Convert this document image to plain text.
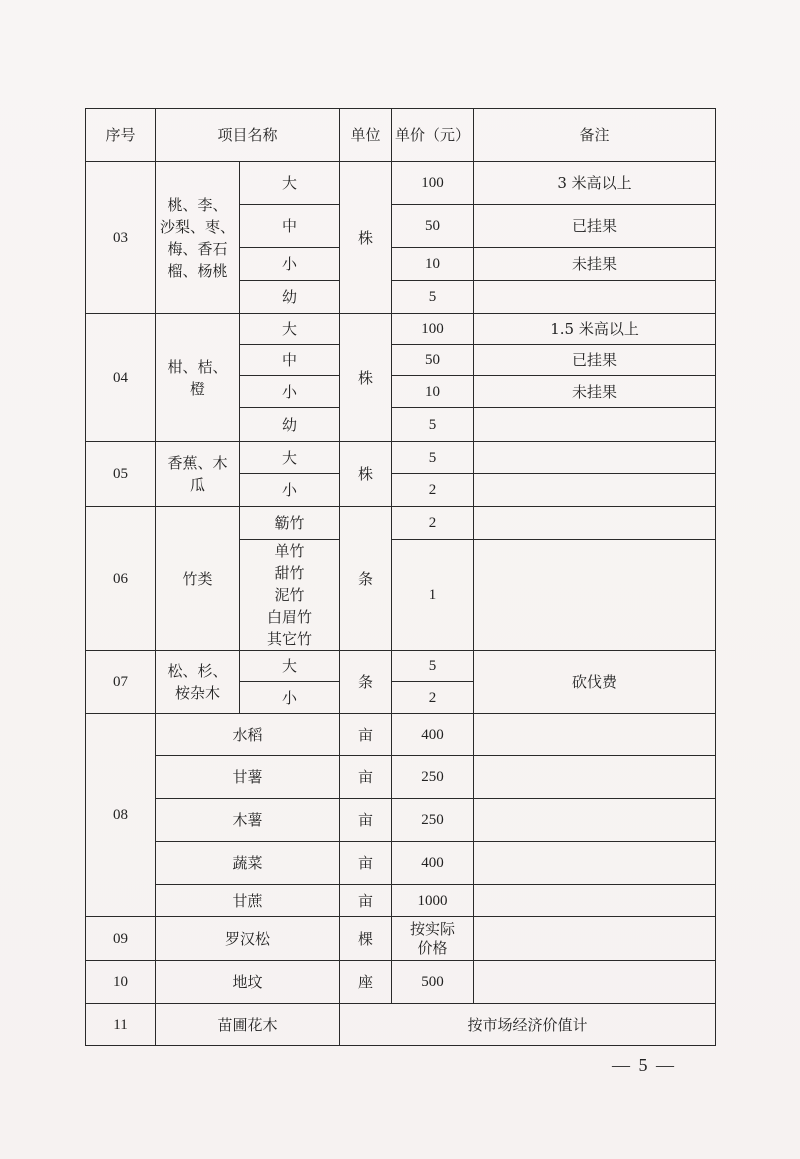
序号	项目名称		单位	单价（元）	备注
03	桃、李、
沙梨、枣、
梅、香石
榴、杨桃	大	株	100	3 米高以上
		中		50	已挂果
		小		10	未挂果
		幼		5	
04	柑、桔、
橙	大	株	100	1.5 米高以上
		中		50	已挂果
		小		10	未挂果
		幼		5	
05	香蕉、木
瓜	大	株	5	
		小		2	
06	竹类	簕竹	条	2	
		单竹
甜竹
泥竹
白眉竹
其它竹		1	
07	松、杉、
桉杂木	大	条	5	砍伐费
		小		2	
08	水稻		亩	400	
	甘薯		亩	250	
	木薯		亩	250	
	蔬菜		亩	400	
	甘蔗		亩	1000	
09	罗汉松		棵	按实际
价格	
10	地坟		座	500	
11	苗圃花木		按市场经济价值计		
— 5 —
